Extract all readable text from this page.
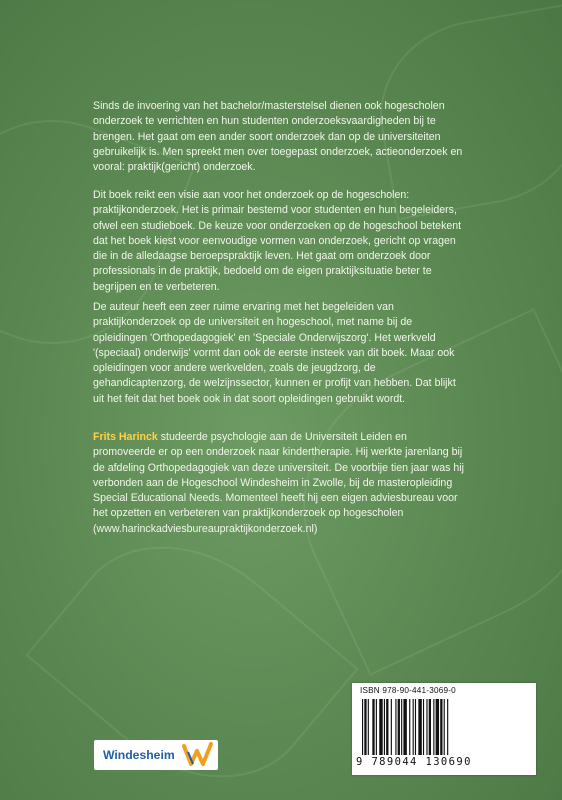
Sinds de invoering van het bachelor/masterstelsel dienen ook hogescholen onderzoek te verrichten en hun studenten onderzoeksvaardigheden bij te brengen. Het gaat om een ander soort onderzoek dan op de universiteiten gebruikelijk is. Men spreekt men over toegepast onderzoek, actieonderzoek en vooral: praktijk(gericht) onderzoek.

Dit boek reikt een visie aan voor het onderzoek op de hogescholen: praktijkonderzoek. Het is primair bestemd voor studenten en hun begeleiders, ofwel een studieboek. De keuze voor onderzoeken op de hogeschool betekent dat het boek kiest voor eenvoudige vormen van onderzoek, gericht op vragen die in de alledaagse beroepspraktijk leven. Het gaat om onderzoek door professionals in de praktijk, bedoeld om de eigen praktijksituatie beter te begrijpen en te verbeteren.

De auteur heeft een zeer ruime ervaring met het begeleiden van praktijkonderzoek op de universiteit en hogeschool, met name bij de opleidingen 'Orthopedagogiek' en 'Speciale Onderwijszorg'. Het werkveld '(speciaal) onderwijs' vormt dan ook de eerste insteek van dit boek. Maar ook opleidingen voor andere werkvelden, zoals de jeugdzorg, de gehandicaptenzorg, de welzijnssector, kunnen er profijt van hebben. Dat blijkt uit het feit dat het boek ook in dat soort opleidingen gebruikt wordt.

Frits Harinck studeerde psychologie aan de Universiteit Leiden en promoveerde er op een onderzoek naar kindertherapie. Hij werkte jarenlang bij de afdeling Orthopedagogiek van deze universiteit. De voorbije tien jaar was hij verbonden aan de Hogeschool Windesheim in Zwolle, bij de masteropleiding Special Educational Needs. Momenteel heeft hij een eigen adviesbureau voor het opzetten en verbeteren van praktijkonderzoek op hogescholen (www.harinckadviesbureaupraktijkonderzoek.nl)

Windesheim
ISBN 978-90-441-3069-0
9 789044 130690
